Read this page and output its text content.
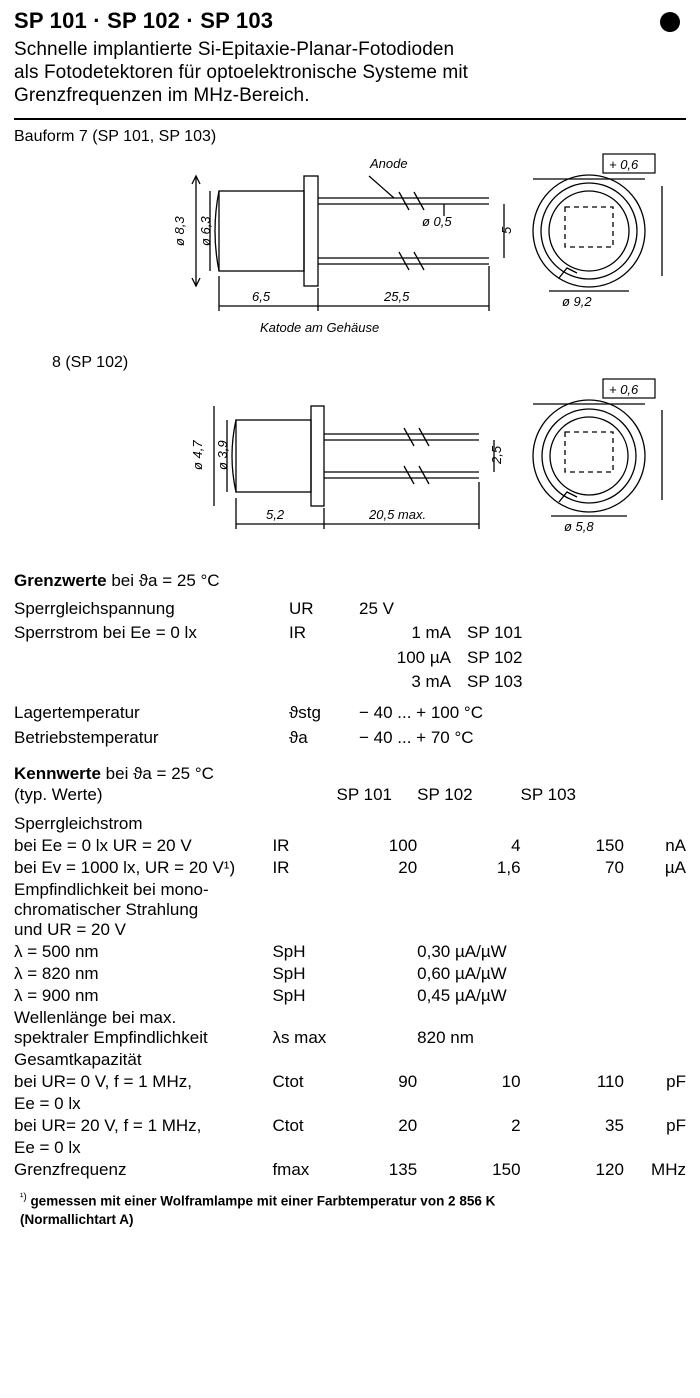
SP 101 · SP 102 · SP 103
Schnelle implantierte Si-Epitaxie-Planar-Fotodioden
als Fotodetektoren für optoelektronische Systeme mit
Grenzfrequenzen im MHz-Bereich.
Bauform 7 (SP 101, SP 103)
Anode
ø 8,3 ø 6,3
6,5	25,5
ø 0,5
5
ø 9,2
Katode am Gehäuse
+ 0,6
8 (SP 102)
ø 4,7 ø 3,9
5,2	20,5 max.
2,5
ø 5,8
+ 0,6
Grenzwerte bei ϑa = 25 °C
Sperrgleichspannung	UR	25 V
Sperrstrom bei Ee = 0 lx	IR	1 mA SP 101
100 µA SP 102
3 mA SP 103
Lagertemperatur	ϑstg	− 40 ... + 100 °C
Betriebstemperatur	ϑa	− 40 ... + 70 °C
Kennwerte bei ϑa = 25 °C
(typ. Werte)		SP 101	SP 102	SP 103	
Sperrgleichstrom					
bei Ee = 0 lx UR = 20 V	IR	100	4	150	nA
bei Ev = 1000 lx, UR = 20 V¹)	IR	20	1,6	70	µA

Empfindlichkeit bei mono-
chromatischer Strahlung
und UR = 20 V					

λ = 500 nm	SpH		0,30 µA/µW		
λ = 820 nm	SpH		0,60 µA/µW		
λ = 900 nm	SpH		0,45 µA/µW		

Wellenlänge bei max.
spektraler Empfindlichkeit	λs max		820 nm		
Gesamtkapazität					
bei UR= 0 V, f = 1 MHz,	Ctot	90	10	110	pF
Ee = 0 lx					
bei UR= 20 V, f = 1 MHz,	Ctot	20	2	35	pF
Ee = 0 lx					
Grenzfrequenz	fmax	135	150	120	MHz
$^{^1)}$ gemessen mit einer Wolframlampe mit einer Farbtemperatur von 2 856 K
(Normallichtart A)
